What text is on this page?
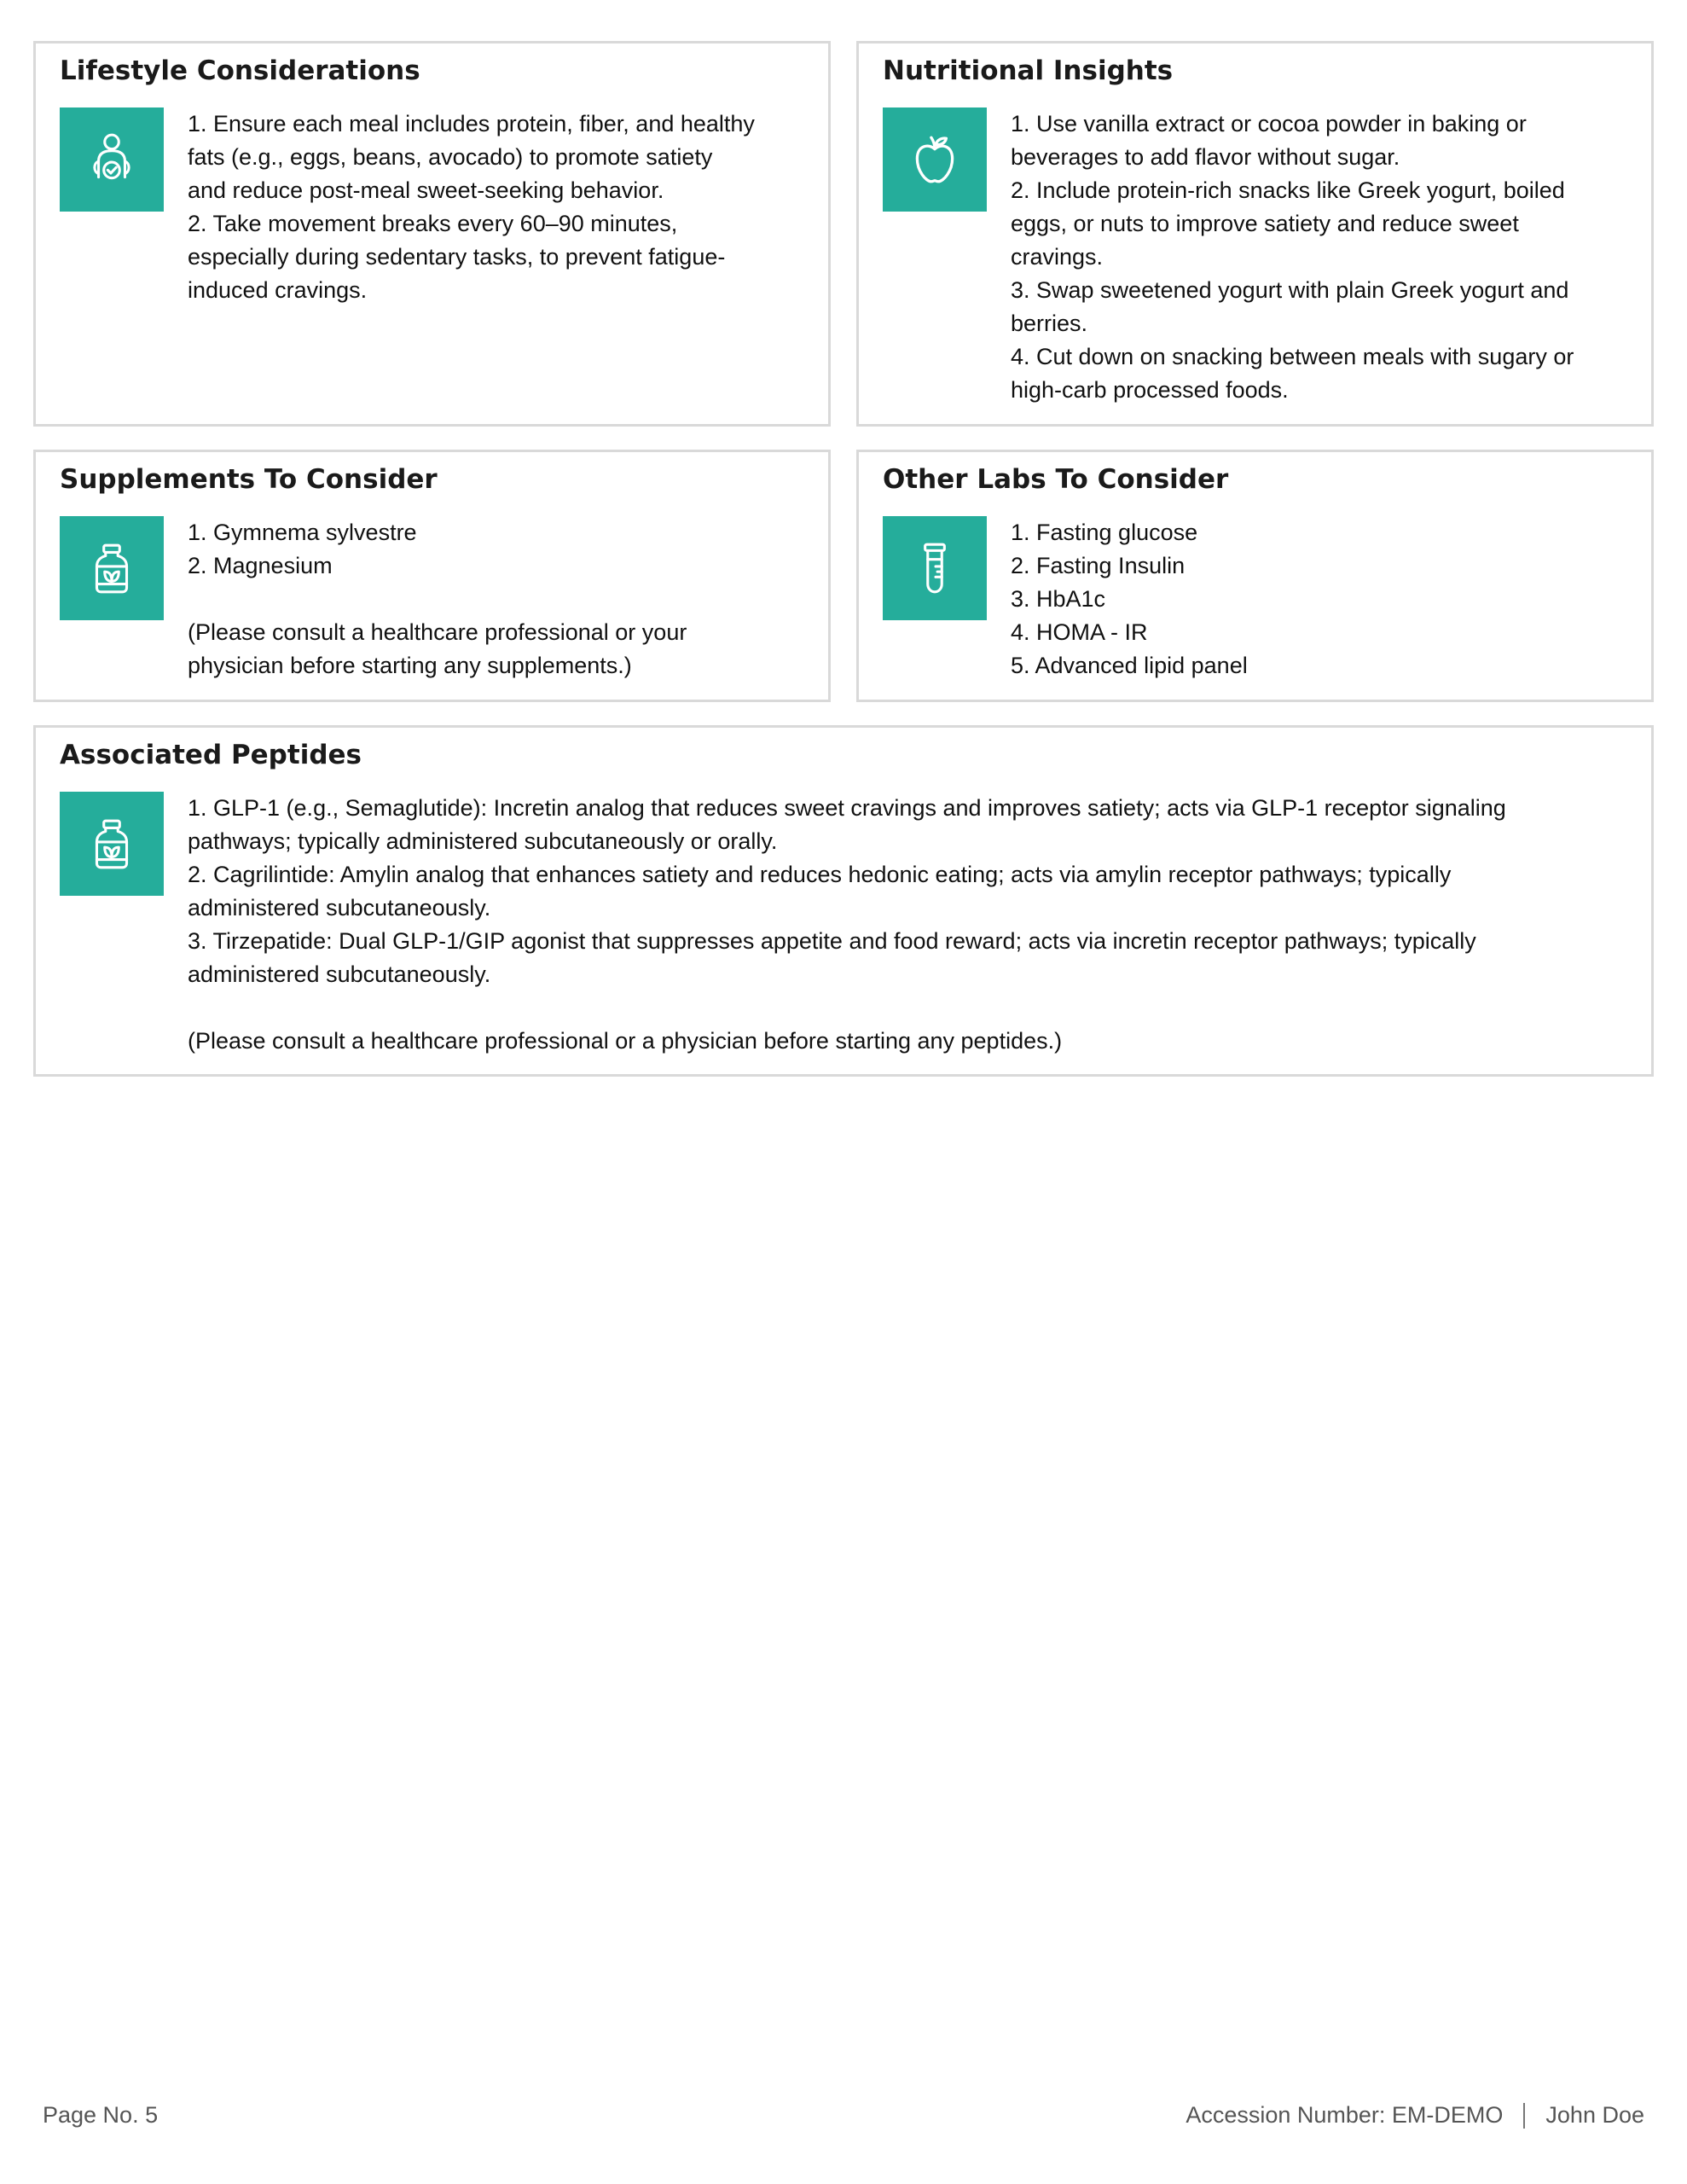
Lifestyle Considerations
1. Ensure each meal includes protein, fiber, and healthy
fats (e.g., eggs, beans, avocado) to promote satiety
and reduce post-meal sweet-seeking behavior.
2. Take movement breaks every 60–90 minutes,
especially during sedentary tasks, to prevent fatigue-
induced cravings.
Nutritional Insights
1. Use vanilla extract or cocoa powder in baking or
beverages to add flavor without sugar.
2. Include protein-rich snacks like Greek yogurt, boiled
eggs, or nuts to improve satiety and reduce sweet
cravings.
3. Swap sweetened yogurt with plain Greek yogurt and
berries.
4. Cut down on snacking between meals with sugary or
high-carb processed foods.
Supplements To Consider
1. Gymnema sylvestre
2. Magnesium
(Please consult a healthcare professional or your
physician before starting any supplements.)
Other Labs To Consider
1. Fasting glucose
2. Fasting Insulin
3. HbA1c
4. HOMA - IR
5. Advanced lipid panel
Associated Peptides
1. GLP-1 (e.g., Semaglutide): Incretin analog that reduces sweet cravings and improves satiety; acts via GLP-1 receptor signaling
pathways; typically administered subcutaneously or orally.
2. Cagrilintide: Amylin analog that enhances satiety and reduces hedonic eating; acts via amylin receptor pathways; typically
administered subcutaneously.
3. Tirzepatide: Dual GLP-1/GIP agonist that suppresses appetite and food reward; acts via incretin receptor pathways; typically
administered subcutaneously.
(Please consult a healthcare professional or a physician before starting any peptides.)
Page No. 5	Accession Number: EM-DEMO John Doe
